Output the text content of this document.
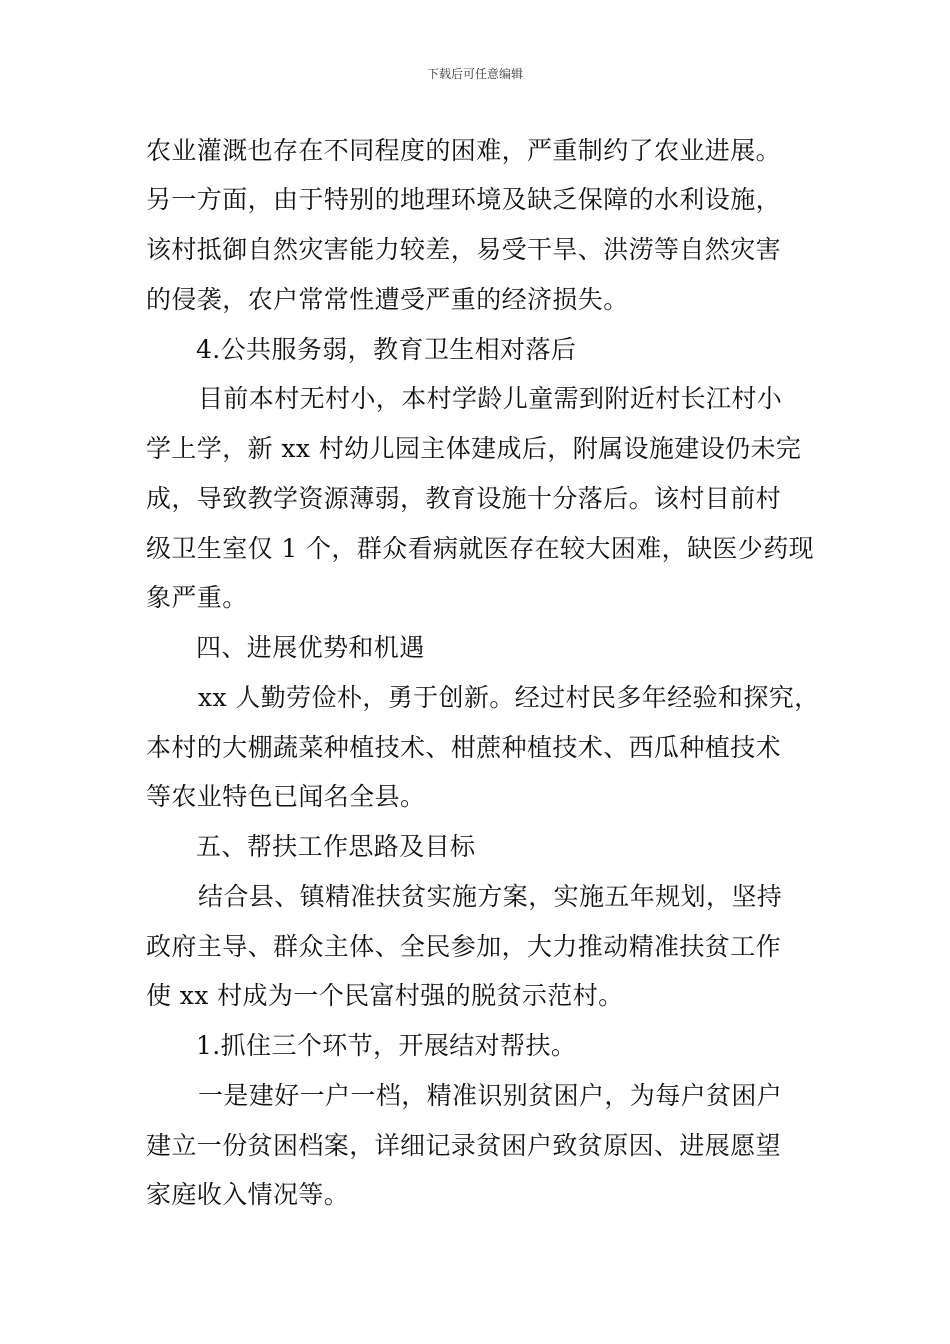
下载后可任意编辑
农业灌溉也存在不同程度的困难，严重制约了农业进展。
另一方面，由于特别的地理环境及缺乏保障的水利设施，
该村抵御自然灾害能力较差，易受干旱、洪涝等自然灾害
的侵袭，农户常常性遭受严重的经济损失。
4.公共服务弱，教育卫生相对落后
目前本村无村小，本村学龄儿童需到附近村长江村小
学上学，新 xx 村幼儿园主体建成后，附属设施建设仍未完
成，导致教学资源薄弱，教育设施十分落后。该村目前村
级卫生室仅 1 个，群众看病就医存在较大困难，缺医少药现
象严重。
四、进展优势和机遇
xx 人勤劳俭朴，勇于创新。经过村民多年经验和探究，
本村的大棚蔬菜种植技术、柑蔗种植技术、西瓜种植技术
等农业特色已闻名全县。
五、帮扶工作思路及目标
结合县、镇精准扶贫实施方案，实施五年规划，坚持
政府主导、群众主体、全民参加，大力推动精准扶贫工作
使 xx 村成为一个民富村强的脱贫示范村。
1.抓住三个环节，开展结对帮扶。
一是建好一户一档，精准识别贫困户，为每户贫困户
建立一份贫困档案，详细记录贫困户致贫原因、进展愿望
家庭收入情况等。
